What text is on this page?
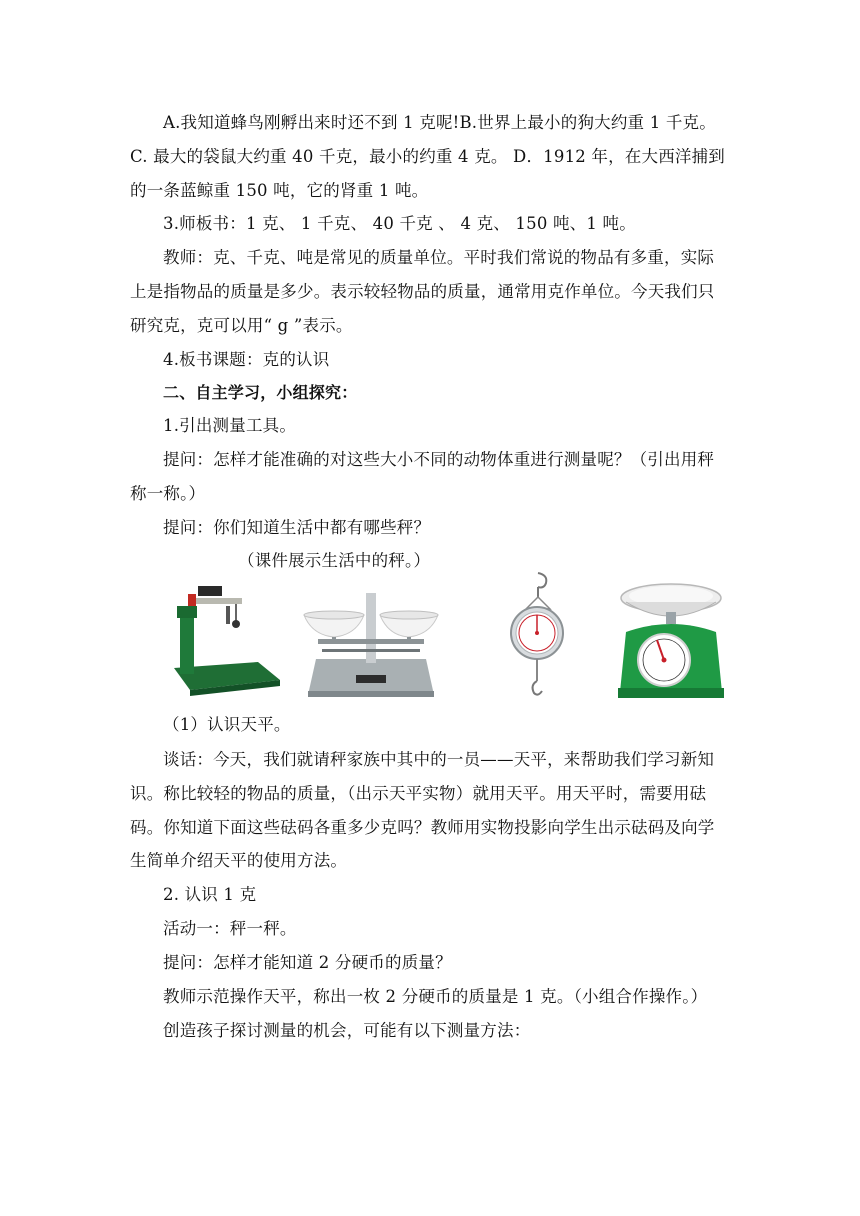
A.我知道蜂鸟刚孵出来时还不到 1 克呢!B.世界上最小的狗大约重 1 千克。
C. 最大的袋鼠大约重 40 千克，最小的约重 4 克。 D．1912 年，在大西洋捕到
的一条蓝鲸重 150 吨，它的肾重 1 吨。
3.师板书：1 克、 1 千克、 40 千克 、 4 克、 150 吨、1 吨。
教师：克、千克、吨是常见的质量单位。平时我们常说的物品有多重，实际
上是指物品的质量是多少。表示较轻物品的质量，通常用克作单位。今天我们只
研究克，克可以用“ g ”表示。
4.板书课题：克的认识
二、自主学习，小组探究：
1.引出测量工具。
提问：怎样才能准确的对这些大小不同的动物体重进行测量呢？（引出用秤
称一称。）
提问：你们知道生活中都有哪些秤？
（课件展示生活中的秤。）
（1）认识天平。
谈话：今天，我们就请秤家族中其中的一员——天平，来帮助我们学习新知
识。称比较轻的物品的质量，（出示天平实物）就用天平。用天平时，需要用砝
码。你知道下面这些砝码各重多少克吗？教师用实物投影向学生出示砝码及向学
生简单介绍天平的使用方法。
2. 认识 1 克
活动一：秤一秤。
提问：怎样才能知道 2 分硬币的质量？
教师示范操作天平，称出一枚 2 分硬币的质量是 1 克。（小组合作操作。）
创造孩子探讨测量的机会，可能有以下测量方法：
